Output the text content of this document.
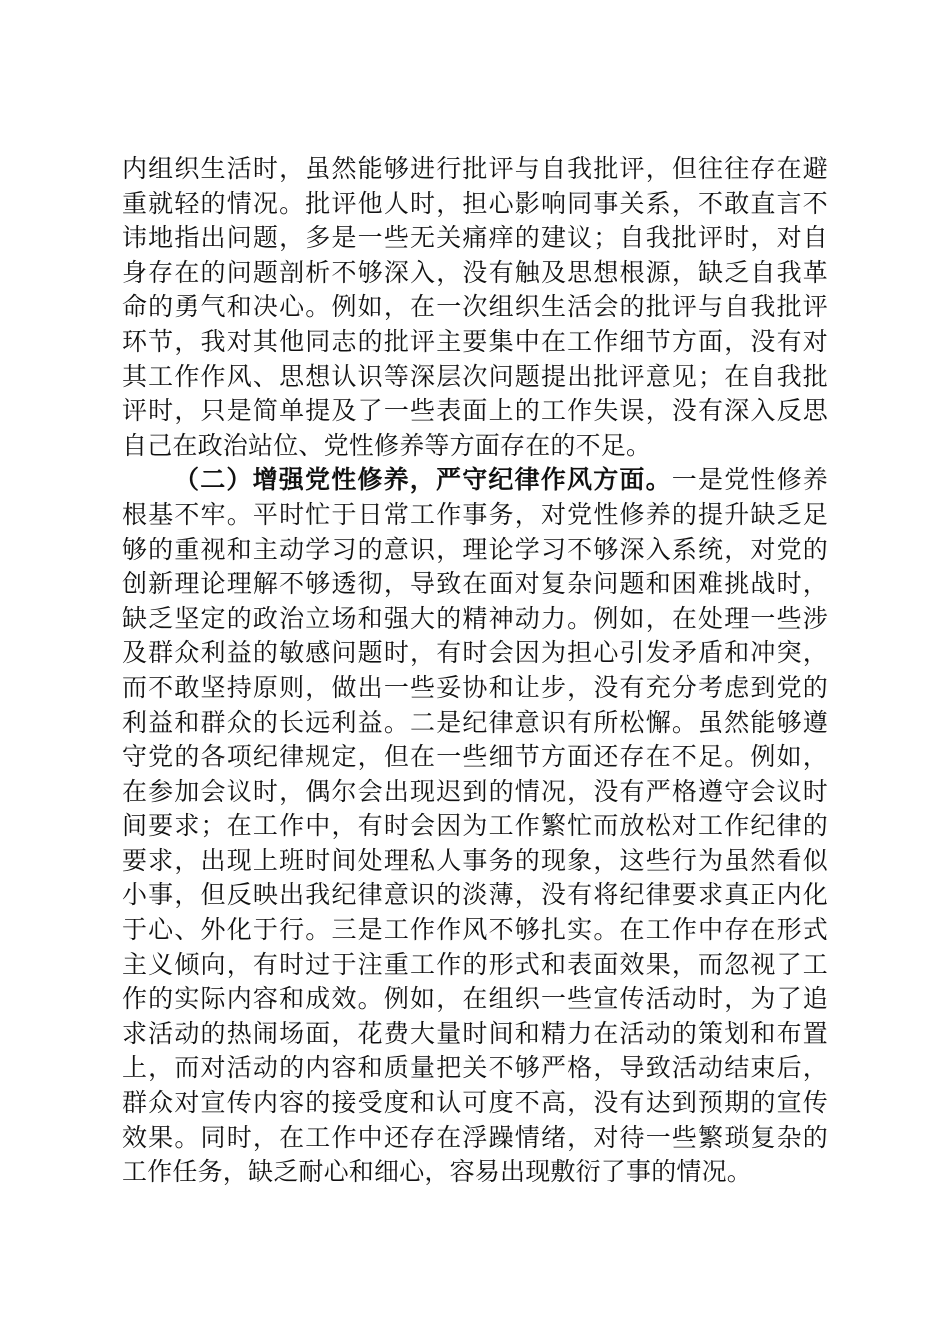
内组织生活时，虽然能够进行批评与自我批评，但往往存在避
重就轻的情况。批评他人时，担心影响同事关系，不敢直言不
讳地指出问题，多是一些无关痛痒的建议；自我批评时，对自
身存在的问题剖析不够深入，没有触及思想根源，缺乏自我革
命的勇气和决心。例如，在一次组织生活会的批评与自我批评
环节，我对其他同志的批评主要集中在工作细节方面，没有对
其工作作风、思想认识等深层次问题提出批评意见；在自我批
评时，只是简单提及了一些表面上的工作失误，没有深入反思
自己在政治站位、党性修养等方面存在的不足。
（二）增强党性修养，严守纪律作风方面。一是党性修养
根基不牢。平时忙于日常工作事务，对党性修养的提升缺乏足
够的重视和主动学习的意识，理论学习不够深入系统，对党的
创新理论理解不够透彻，导致在面对复杂问题和困难挑战时，
缺乏坚定的政治立场和强大的精神动力。例如，在处理一些涉
及群众利益的敏感问题时，有时会因为担心引发矛盾和冲突，
而不敢坚持原则，做出一些妥协和让步，没有充分考虑到党的
利益和群众的长远利益。二是纪律意识有所松懈。虽然能够遵
守党的各项纪律规定，但在一些细节方面还存在不足。例如，
在参加会议时，偶尔会出现迟到的情况，没有严格遵守会议时
间要求；在工作中，有时会因为工作繁忙而放松对工作纪律的
要求，出现上班时间处理私人事务的现象，这些行为虽然看似
小事，但反映出我纪律意识的淡薄，没有将纪律要求真正内化
于心、外化于行。三是工作作风不够扎实。在工作中存在形式
主义倾向，有时过于注重工作的形式和表面效果，而忽视了工
作的实际内容和成效。例如，在组织一些宣传活动时，为了追
求活动的热闹场面，花费大量时间和精力在活动的策划和布置
上，而对活动的内容和质量把关不够严格，导致活动结束后，
群众对宣传内容的接受度和认可度不高，没有达到预期的宣传
效果。同时，在工作中还存在浮躁情绪，对待一些繁琐复杂的
工作任务，缺乏耐心和细心，容易出现敷衍了事的情况。
